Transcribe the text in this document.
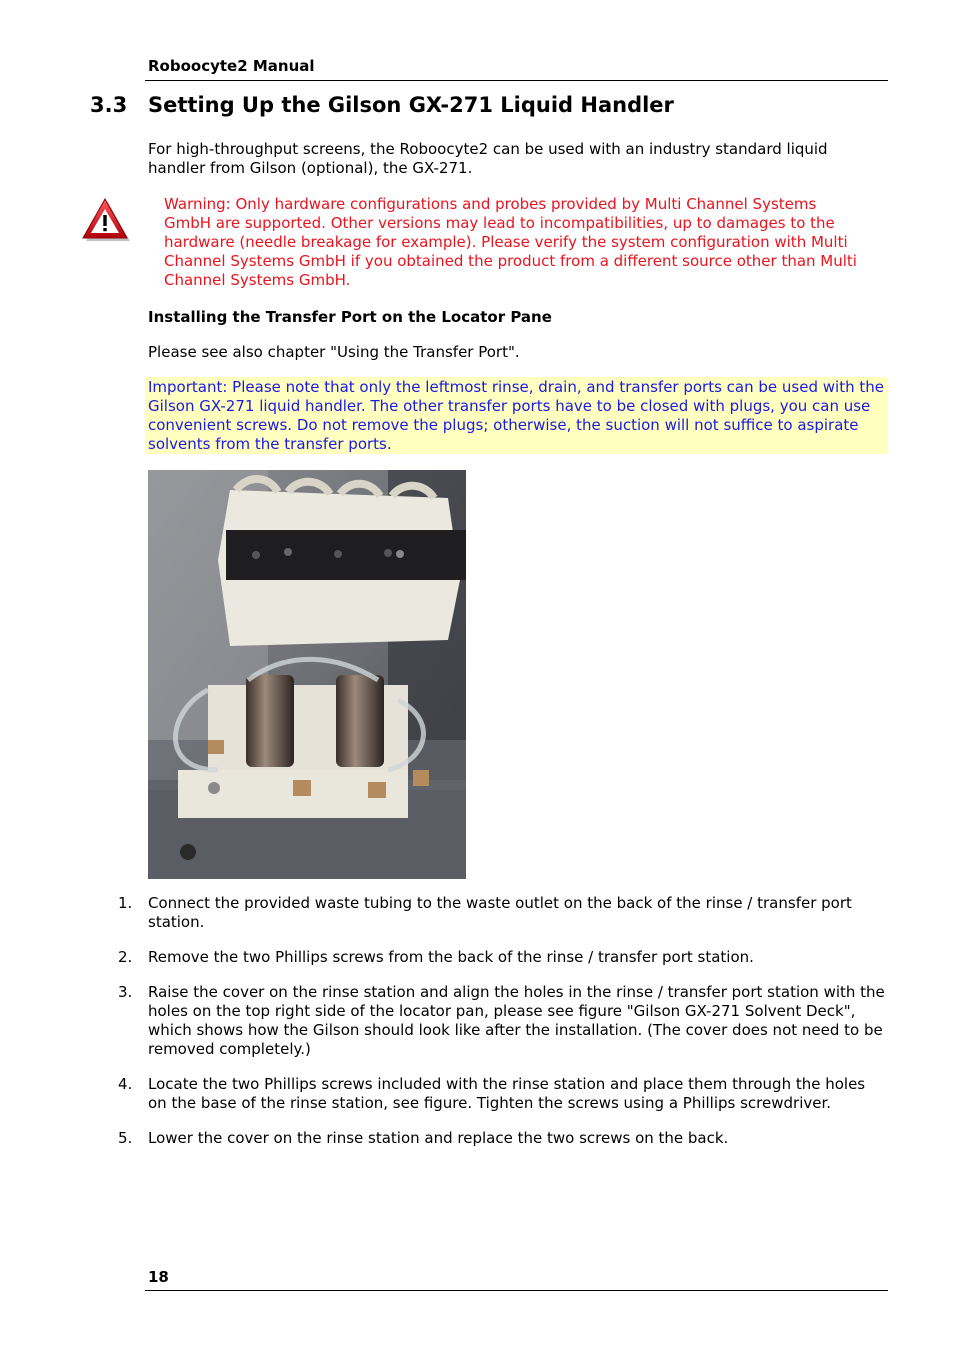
Roboocyte2 Manual
3.3 Setting Up the Gilson GX-271 Liquid Handler
For high-throughput screens, the Roboocyte2 can be used with an industry standard liquid handler from Gilson (optional), the GX-271.
Warning: Only hardware configurations and probes provided by Multi Channel Systems GmbH are supported. Other versions may lead to incompatibilities, up to damages to the hardware (needle breakage for example). Please verify the system configuration with Multi Channel Systems GmbH if you obtained the product from a different source other than Multi Channel Systems GmbH.
Installing the Transfer Port on the Locator Pane
Please see also chapter "Using the Transfer Port".
Important: Please note that only the leftmost rinse, drain, and transfer ports can be used with the Gilson GX-271 liquid handler. The other transfer ports have to be closed with plugs, you can use convenient screws. Do not remove the plugs; otherwise, the suction will not suffice to aspirate solvents from the transfer ports.
1. Connect the provided waste tubing to the waste outlet on the back of the rinse / transfer port station.
2. Remove the two Phillips screws from the back of the rinse / transfer port station.
3. Raise the cover on the rinse station and align the holes in the rinse / transfer port station with the holes on the top right side of the locator pan, please see figure "Gilson GX-271 Solvent Deck", which shows how the Gilson should look like after the installation. (The cover does not need to be removed completely.)
4. Locate the two Phillips screws included with the rinse station and place them through the holes on the base of the rinse station, see figure. Tighten the screws using a Phillips screwdriver.
5. Lower the cover on the rinse station and replace the two screws on the back.
18
